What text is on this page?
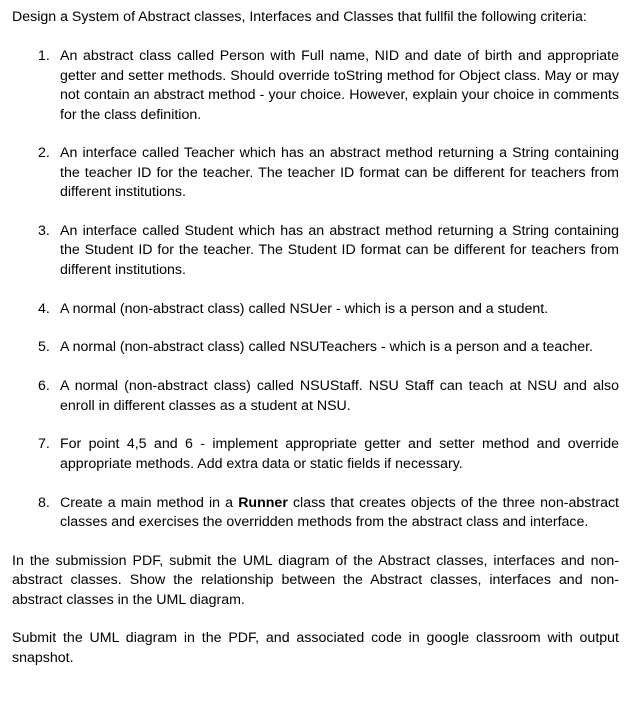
Design a System of Abstract classes, Interfaces and Classes that fullfil the following criteria:

1. An abstract class called Person with Full name, NID and date of birth and appropriate getter and setter methods. Should override toString method for Object class. May or may not contain an abstract method - your choice. However, explain your choice in comments for the class definition.
2. An interface called Teacher which has an abstract method returning a String containing the teacher ID for the teacher. The teacher ID format can be different for teachers from different institutions.
3. An interface called Student which has an abstract method returning a String containing the Student ID for the teacher. The Student ID format can be different for teachers from different institutions.
4. A normal (non-abstract class) called NSUer - which is a person and a student.
5. A normal (non-abstract class) called NSUTeachers - which is a person and a teacher.
6. A normal (non-abstract class) called NSUStaff. NSU Staff can teach at NSU and also enroll in different classes as a student at NSU.
7. For point 4,5 and 6 - implement appropriate getter and setter method and override appropriate methods. Add extra data or static fields if necessary.
8. Create a main method in a Runner class that creates objects of the three non-abstract classes and exercises the overridden methods from the abstract class and interface.

In the submission PDF, submit the UML diagram of the Abstract classes, interfaces and non-abstract classes. Show the relationship between the Abstract classes, interfaces and non-abstract classes in the UML diagram.

Submit the UML diagram in the PDF, and associated code in google classroom with output snapshot.
